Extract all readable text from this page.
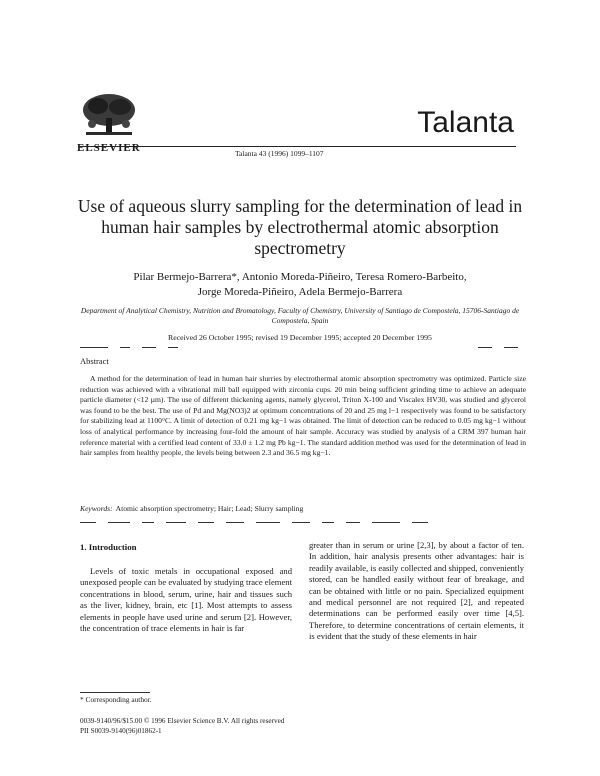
ELSEVIER
Talanta
Talanta 43 (1996) 1099–1107
Use of aqueous slurry sampling for the determination of lead in human hair samples by electrothermal atomic absorption spectrometry
Pilar Bermejo-Barrera*, Antonio Moreda-Piñeiro, Teresa Romero-Barbeito,
Jorge Moreda-Piñeiro, Adela Bermejo-Barrera
Department of Analytical Chemistry, Nutrition and Bromatology, Faculty of Chemistry, University of Santiago de Compostela, 15706-Santiago de Compostela, Spain
Received 26 October 1995; revised 19 December 1995; accepted 20 December 1995
Abstract
A method for the determination of lead in human hair slurries by electrothermal atomic absorption spectrometry was optimized. Particle size reduction was achieved with a vibrational mill ball equipped with zirconia cups. 20 min being sufficient grinding time to achieve an adequate particle diameter (<12 µm). The use of different thickening agents, namely glycerol, Triton X-100 and Viscalex HV30, was studied and glycerol was found to be the best. The use of Pd and Mg(NO3)2 at optimum concentrations of 20 and 25 mg l−1 respectively was found to be satisfactory for stabilizing lead at 1100°C. A limit of detection of 0.21 mg kg−1 was obtained. The limit of detection can be reduced to 0.05 mg kg−1 without loss of analytical performance by increasing four-fold the amount of hair sample. Accuracy was studied by analysis of a CRM 397 human hair reference material with a certified lead content of 33.0 ± 1.2 mg Pb kg−1. The standard addition method was used for the determination of lead in hair samples from healthy people, the levels being between 2.3 and 36.5 mg kg−1.
Keywords: Atomic absorption spectrometry; Hair; Lead; Slurry sampling
1. Introduction
Levels of toxic metals in occupational exposed and unexposed people can be evaluated by studying trace element concentrations in blood, serum, urine, hair and tissues such as the liver, kidney, brain, etc [1]. Most attempts to assess elements in people have used urine and serum [2]. However, the concentration of trace elements in hair is far
greater than in serum or urine [2,3], by about a factor of ten. In addition, hair analysis presents other advantages: hair is readily available, is easily collected and shipped, conveniently stored, can be handled easily without fear of breakage, and can be obtained with little or no pain. Specialized equipment and medical personnel are not required [2], and repeated determinations can be performed easily over time [4,5]. Therefore, to determine concentrations of certain elements, it is evident that the study of these elements in hair
* Corresponding author.
0039-9140/96/$15.00 © 1996 Elsevier Science B.V. All rights reserved
PII S0039-9140(96)01862-1
